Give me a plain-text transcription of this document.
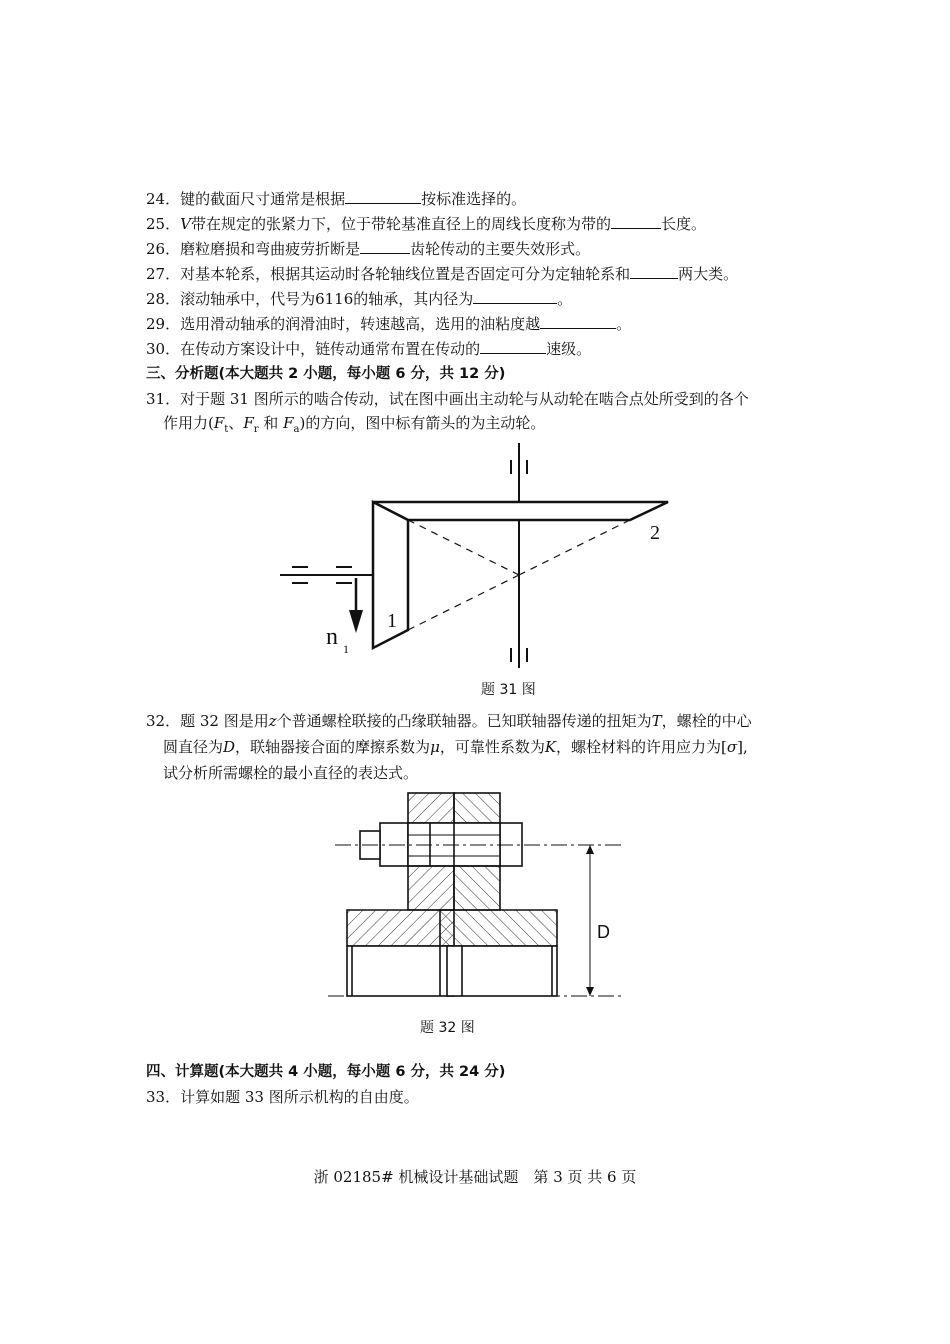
24．键的截面尺寸通常是根据	按标准选择的。
25．V带在规定的张紧力下，位于带轮基准直径上的周线长度称为带的	长度。
26．磨粒磨损和弯曲疲劳折断是	齿轮传动的主要失效形式。
27．对基本轮系，根据其运动时各轮轴线位置是否固定可分为定轴轮系和	两大类。
28．滚动轴承中，代号为6116的轴承，其内径为	。
29．选用滑动轴承的润滑油时，转速越高，选用的油粘度越	。
30．在传动方案设计中，链传动通常布置在传动的	速级。
三、分析题(本大题共 2 小题，每小题 6 分，共 12 分)
31．对于题 31 图所示的啮合传动，试在图中画出主动轮与从动轮在啮合点处所受到的各个
作用力($F_t$、$F_r$ 和 $F_a$)的方向，图中标有箭头的为主动轮。
1
2
n 1
题 31 图
32．题 32 图是用z个普通螺栓联接的凸缘联轴器。已知联轴器传递的扭矩为T，螺栓的中心
圆直径为D，联轴器接合面的摩擦系数为μ，可靠性系数为K，螺栓材料的许用应力为[σ],
试分析所需螺栓的最小直径的表达式。
D
题 32 图
四、计算题(本大题共 4 小题，每小题 6 分，共 24 分)
33．计算如题 33 图所示机构的自由度。
浙 02185# 机械设计基础试题　第 3 页 共 6 页
